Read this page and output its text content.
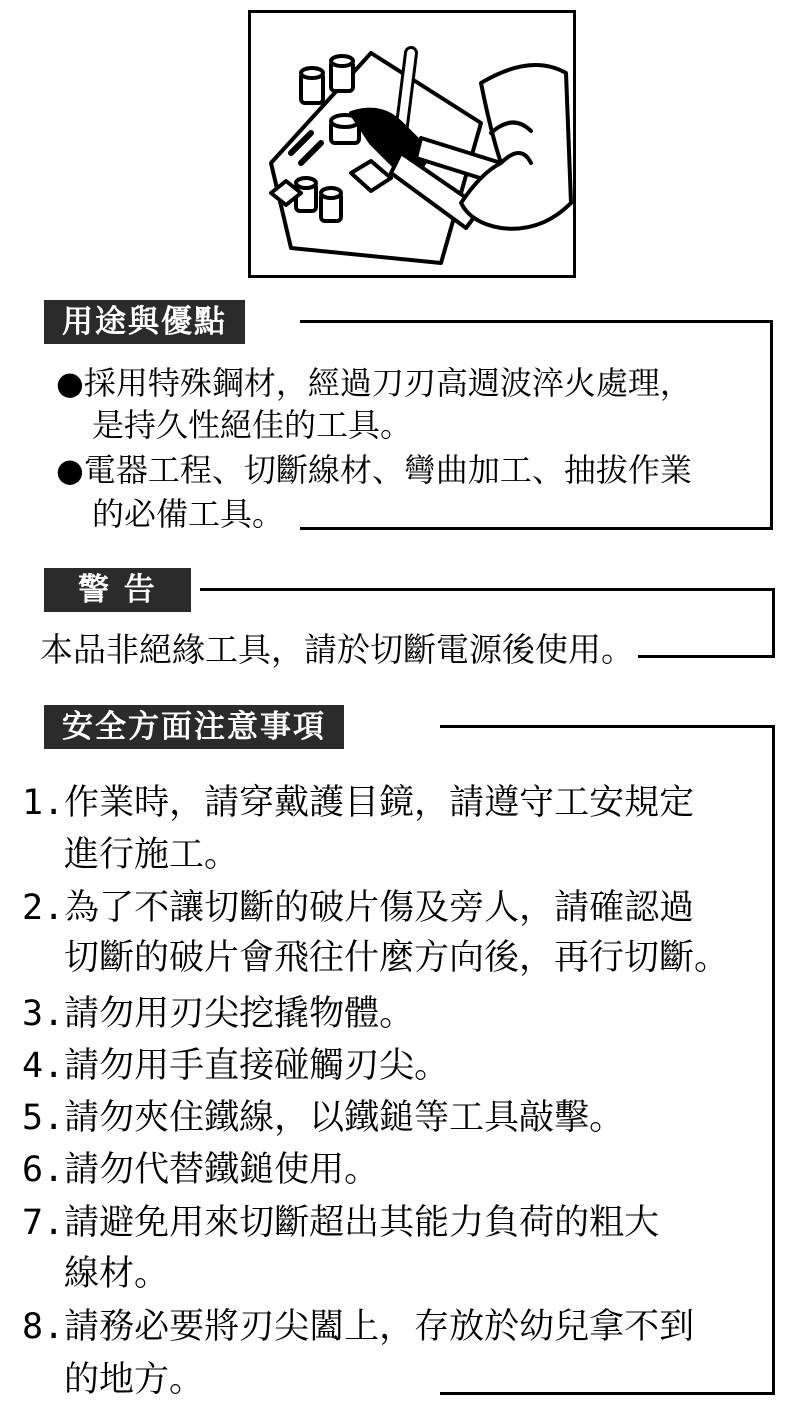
用途與優點
●採用特殊鋼材，經過刀刃高週波淬火處理，
是持久性絕佳的工具。
●電器工程、切斷線材、彎曲加工、抽拔作業
的必備工具。
警 告
本品非絕緣工具，請於切斷電源後使用。
安全方面注意事項
1.作業時，請穿戴護目鏡，請遵守工安規定
進行施工。
2.為了不讓切斷的破片傷及旁人，請確認過
切斷的破片會飛往什麼方向後，再行切斷。
3.請勿用刃尖挖撬物體。
4.請勿用手直接碰觸刃尖。
5.請勿夾住鐵線，以鐵鎚等工具敲擊。
6.請勿代替鐵鎚使用。
7.請避免用來切斷超出其能力負荷的粗大
線材。
8.請務必要將刃尖闔上，存放於幼兒拿不到
的地方。
